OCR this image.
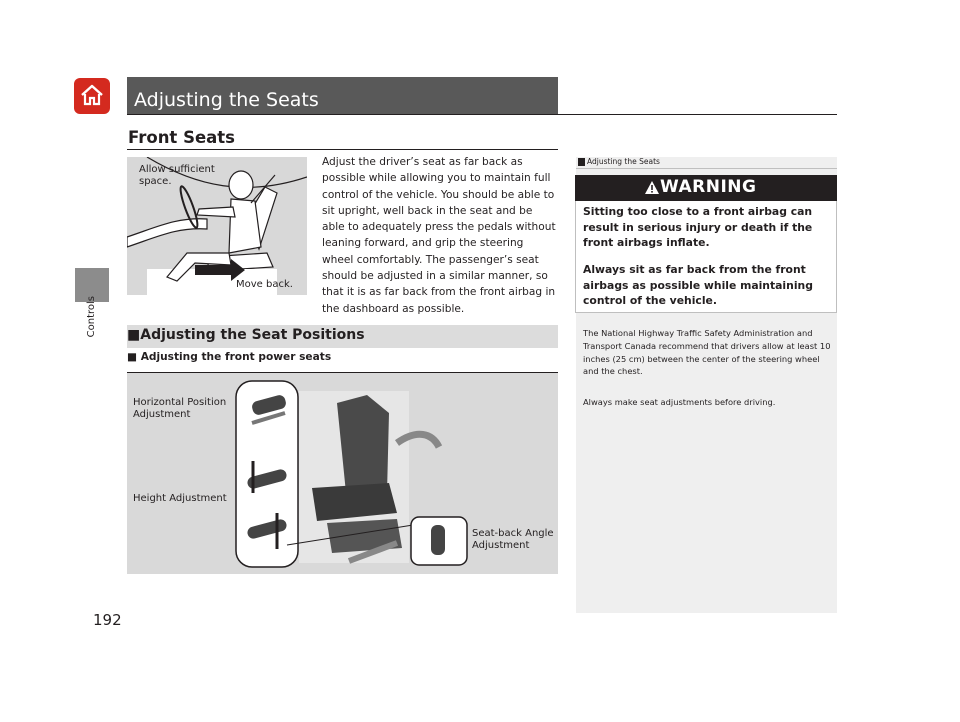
Controls
Adjusting the Seats
Front Seats
Allow sufficient space.
Move back.
Adjust the driver’s seat as far back as possible while allowing you to maintain full control of the vehicle. You should be able to sit upright, well back in the seat and be able to adequately press the pedals without leaning forward, and grip the steering wheel comfortably. The passenger’s seat should be adjusted in a similar manner, so that it is as far back from the front airbag in the dashboard as possible.
■Adjusting the Seat Positions
■ Adjusting the front power seats
Horizontal Position Adjustment
Height Adjustment
Seat-back Angle Adjustment
Adjusting the Seats
WARNING
Sitting too close to a front airbag can result in serious injury or death if the front airbags inflate.
Always sit as far back from the front airbags as possible while maintaining control of the vehicle.
The National Highway Traffic Safety Administration and Transport Canada recommend that drivers allow at least 10 inches (25 cm) between the center of the steering wheel and the chest.
Always make seat adjustments before driving.
192
